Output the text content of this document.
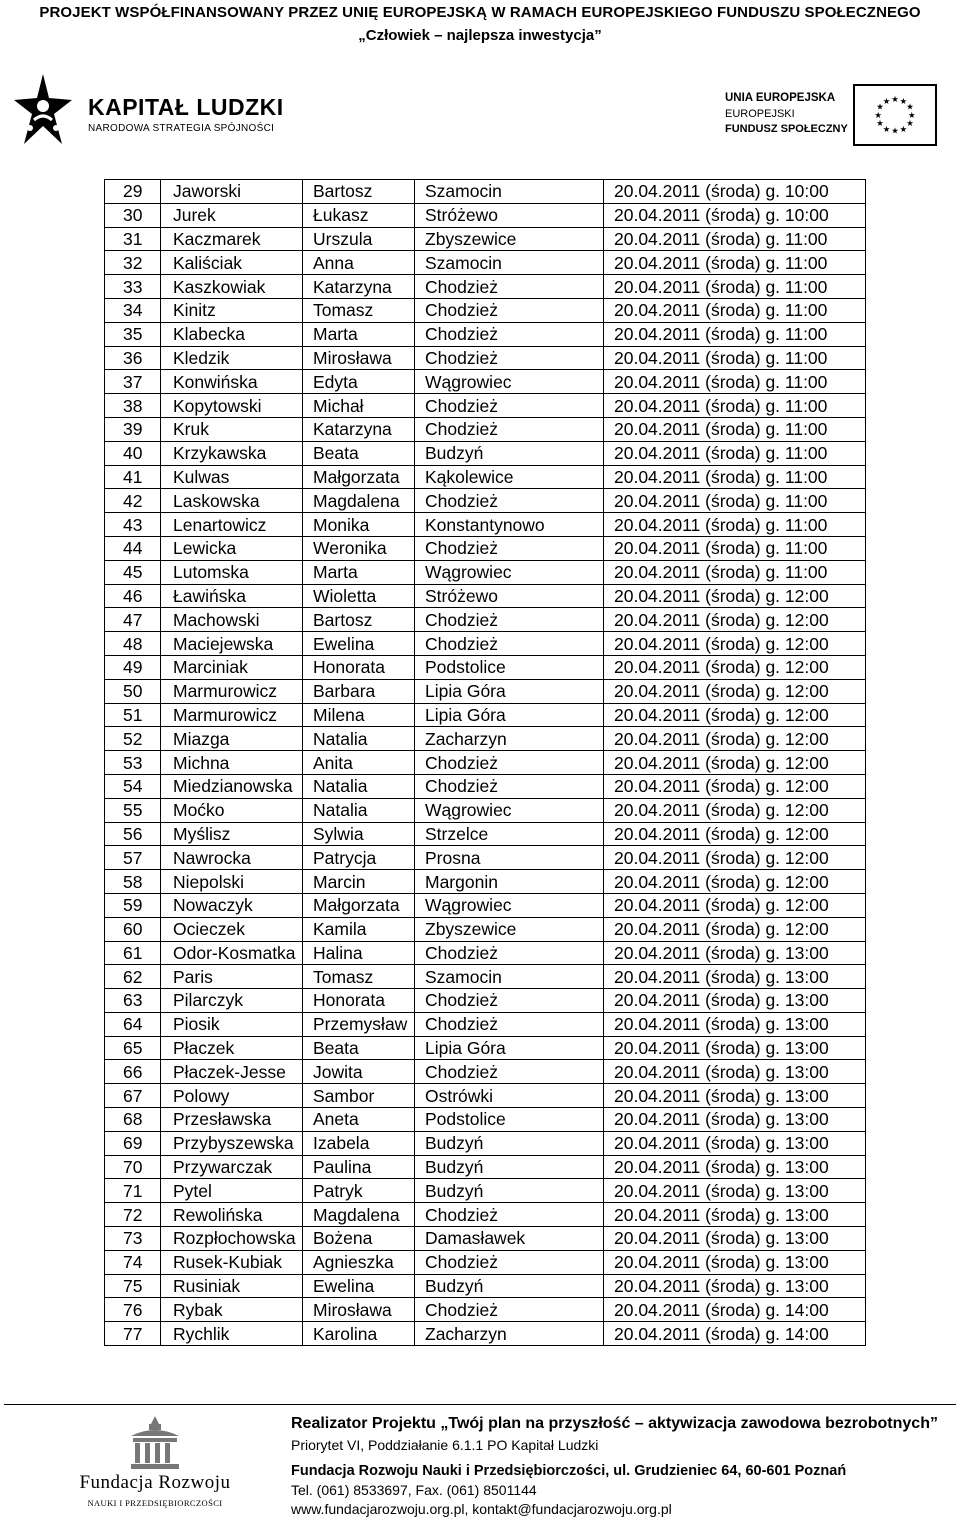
PROJEKT WSPÓŁFINANSOWANY PRZEZ UNIĘ EUROPEJSKĄ W RAMACH EUROPEJSKIEGO FUNDUSZU SPOŁECZNEGO
„Człowiek – najlepsza inwestycja”
KAPITAŁ LUDZKI
NARODOWA STRATEGIA SPÓJNOŚCI
UNIA EUROPEJSKA
EUROPEJSKI
FUNDUSZ SPOŁECZNY
★ ★
★
★
★
★
★
★
★
★
★
★
29	Jaworski	Bartosz	Szamocin	20.04.2011 (środa) g. 10:00
30	Jurek	Łukasz	Stróżewo	20.04.2011 (środa) g. 10:00
31	Kaczmarek	Urszula	Zbyszewice	20.04.2011 (środa) g. 11:00
32	Kaliściak	Anna	Szamocin	20.04.2011 (środa) g. 11:00
33	Kaszkowiak	Katarzyna	Chodzież	20.04.2011 (środa) g. 11:00
34	Kinitz	Tomasz	Chodzież	20.04.2011 (środa) g. 11:00
35	Klabecka	Marta	Chodzież	20.04.2011 (środa) g. 11:00
36	Kledzik	Mirosława	Chodzież	20.04.2011 (środa) g. 11:00
37	Konwińska	Edyta	Wągrowiec	20.04.2011 (środa) g. 11:00
38	Kopytowski	Michał	Chodzież	20.04.2011 (środa) g. 11:00
39	Kruk	Katarzyna	Chodzież	20.04.2011 (środa) g. 11:00
40	Krzykawska	Beata	Budzyń	20.04.2011 (środa) g. 11:00
41	Kulwas	Małgorzata	Kąkolewice	20.04.2011 (środa) g. 11:00
42	Laskowska	Magdalena	Chodzież	20.04.2011 (środa) g. 11:00
43	Lenartowicz	Monika	Konstantynowo	20.04.2011 (środa) g. 11:00
44	Lewicka	Weronika	Chodzież	20.04.2011 (środa) g. 11:00
45	Lutomska	Marta	Wągrowiec	20.04.2011 (środa) g. 11:00
46	Ławińska	Wioletta	Stróżewo	20.04.2011 (środa) g. 12:00
47	Machowski	Bartosz	Chodzież	20.04.2011 (środa) g. 12:00
48	Maciejewska	Ewelina	Chodzież	20.04.2011 (środa) g. 12:00
49	Marciniak	Honorata	Podstolice	20.04.2011 (środa) g. 12:00
50	Marmurowicz	Barbara	Lipia Góra	20.04.2011 (środa) g. 12:00
51	Marmurowicz	Milena	Lipia Góra	20.04.2011 (środa) g. 12:00
52	Miazga	Natalia	Zacharzyn	20.04.2011 (środa) g. 12:00
53	Michna	Anita	Chodzież	20.04.2011 (środa) g. 12:00
54	Miedzianowska	Natalia	Chodzież	20.04.2011 (środa) g. 12:00
55	Moćko	Natalia	Wągrowiec	20.04.2011 (środa) g. 12:00
56	Myślisz	Sylwia	Strzelce	20.04.2011 (środa) g. 12:00
57	Nawrocka	Patrycja	Prosna	20.04.2011 (środa) g. 12:00
58	Niepolski	Marcin	Margonin	20.04.2011 (środa) g. 12:00
59	Nowaczyk	Małgorzata	Wągrowiec	20.04.2011 (środa) g. 12:00
60	Ocieczek	Kamila	Zbyszewice	20.04.2011 (środa) g. 12:00
61	Odor-Kosmatka	Halina	Chodzież	20.04.2011 (środa) g. 13:00
62	Paris	Tomasz	Szamocin	20.04.2011 (środa) g. 13:00
63	Pilarczyk	Honorata	Chodzież	20.04.2011 (środa) g. 13:00
64	Piosik	Przemysław	Chodzież	20.04.2011 (środa) g. 13:00
65	Płaczek	Beata	Lipia Góra	20.04.2011 (środa) g. 13:00
66	Płaczek-Jesse	Jowita	Chodzież	20.04.2011 (środa) g. 13:00
67	Polowy	Sambor	Ostrówki	20.04.2011 (środa) g. 13:00
68	Przesławska	Aneta	Podstolice	20.04.2011 (środa) g. 13:00
69	Przybyszewska	Izabela	Budzyń	20.04.2011 (środa) g. 13:00
70	Przywarczak	Paulina	Budzyń	20.04.2011 (środa) g. 13:00
71	Pytel	Patryk	Budzyń	20.04.2011 (środa) g. 13:00
72	Rewolińska	Magdalena	Chodzież	20.04.2011 (środa) g. 13:00
73	Rozpłochowska	Bożena	Damasławek	20.04.2011 (środa) g. 13:00
74	Rusek-Kubiak	Agnieszka	Chodzież	20.04.2011 (środa) g. 13:00
75	Rusiniak	Ewelina	Budzyń	20.04.2011 (środa) g. 13:00
76	Rybak	Mirosława	Chodzież	20.04.2011 (środa) g. 14:00
77	Rychlik	Karolina	Zacharzyn	20.04.2011 (środa) g. 14:00
Fundacja Rozwoju
NAUKI I PRZEDSIĘBIORCZOŚCI
Realizator Projektu „Twój plan na przyszłość – aktywizacja zawodowa bezrobotnych”
Priorytet VI, Poddziałanie 6.1.1 PO Kapitał Ludzki
Fundacja Rozwoju Nauki i Przedsiębiorczości, ul. Grudzieniec 64, 60-601 Poznań
Tel. (061) 8533697, Fax. (061) 8501144
www.fundacjarozwoju.org.pl, kontakt@fundacjarozwoju.org.pl
